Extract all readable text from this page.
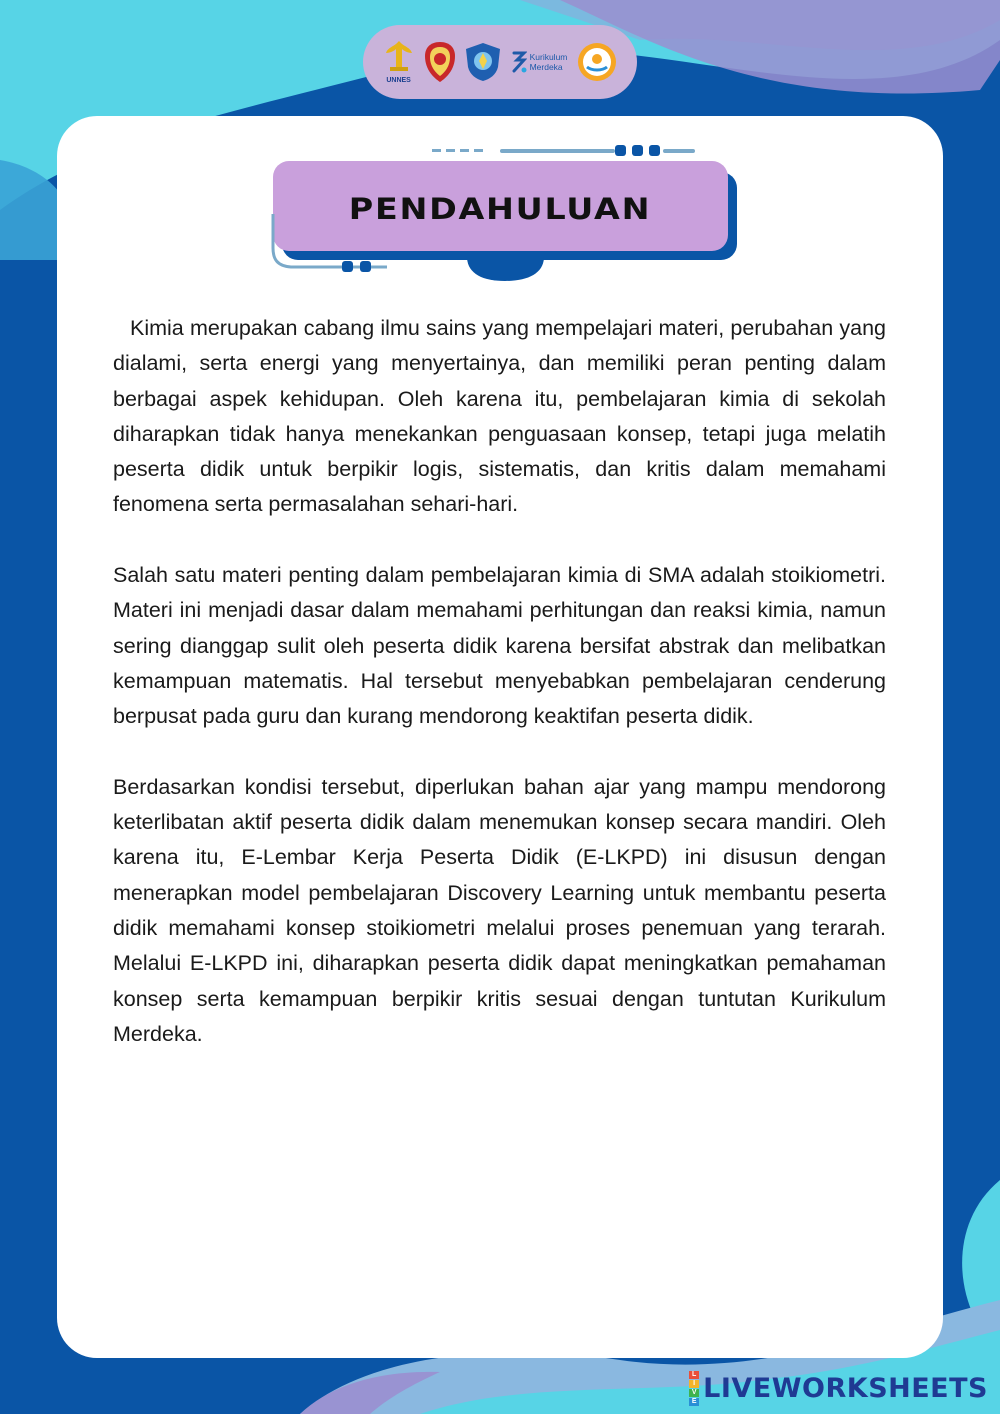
UNNES
Kurikulum
Merdeka
PENDAHULUAN

Kimia merupakan cabang ilmu sains yang mempelajari materi, perubahan yang dialami, serta energi yang menyertainya, dan memiliki peran penting dalam berbagai aspek kehidupan. Oleh karena itu, pembelajaran kimia di sekolah diharapkan tidak hanya menekankan penguasaan konsep, tetapi juga melatih peserta didik untuk berpikir logis, sistematis, dan kritis dalam memahami fenomena serta permasalahan sehari-hari.

Salah satu materi penting dalam pembelajaran kimia di SMA adalah stoikiometri. Materi ini menjadi dasar dalam memahami perhitungan dan reaksi kimia, namun sering dianggap sulit oleh peserta didik karena bersifat abstrak dan melibatkan kemampuan matematis. Hal tersebut menyebabkan pembelajaran cenderung berpusat pada guru dan kurang mendorong keaktifan peserta didik.

Berdasarkan kondisi tersebut, diperlukan bahan ajar yang mampu mendorong keterlibatan aktif peserta didik dalam menemukan konsep secara mandiri. Oleh karena itu, E-Lembar Kerja Peserta Didik (E-LKPD) ini disusun dengan menerapkan model pembelajaran Discovery Learning untuk membantu peserta didik memahami konsep stoikiometri melalui proses penemuan yang terarah. Melalui E-LKPD ini, diharapkan peserta didik dapat meningkatkan pemahaman konsep serta kemampuan berpikir kritis sesuai dengan tuntutan Kurikulum Merdeka.

L
I
V
E LIVEWORKSHEETS
